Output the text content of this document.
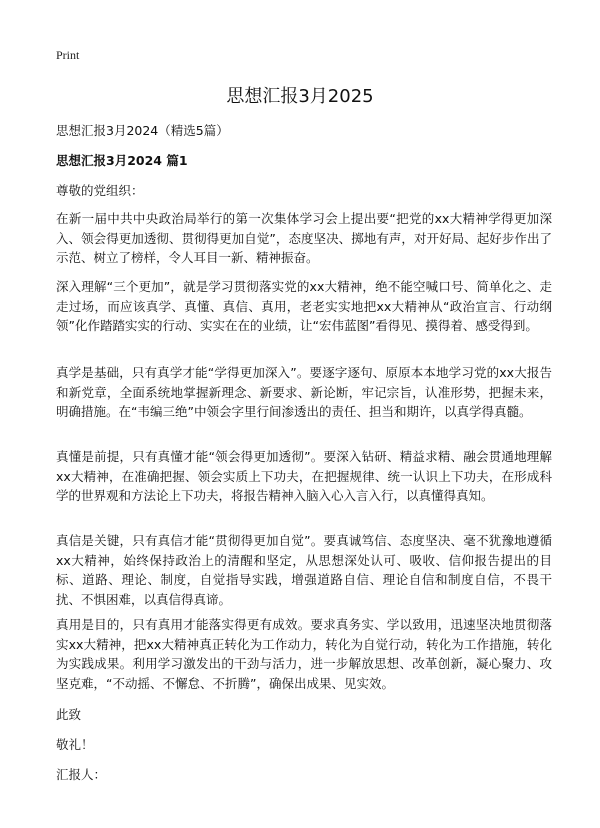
Print
思想汇报3月2025
思想汇报3月2024（精选5篇）
思想汇报3月2024 篇1
尊敬的党组织：

在新一届中共中央政治局举行的第一次集体学习会上提出要“把党的xx大精神学得更加深入、领会得更加透彻、贯彻得更加自觉”，态度坚决、掷地有声，对开好局、起好步作出了示范、树立了榜样，令人耳目一新、精神振奋。

深入理解“三个更加”，就是学习贯彻落实党的xx大精神，绝不能空喊口号、简单化之、走走过场，而应该真学、真懂、真信、真用，老老实实地把xx大精神从“政治宣言、行动纲领”化作踏踏实实的行动、实实在在的业绩，让“宏伟蓝图”看得见、摸得着、感受得到。

真学是基础，只有真学才能“学得更加深入”。要逐字逐句、原原本本地学习党的xx大报告和新党章，全面系统地掌握新理念、新要求、新论断，牢记宗旨，认准形势，把握未来，明确措施。在“韦编三绝”中领会字里行间渗透出的责任、担当和期许，以真学得真髓。

真懂是前提，只有真懂才能“领会得更加透彻”。要深入钻研、精益求精、融会贯通地理解xx大精神，在准确把握、领会实质上下功夫，在把握规律、统一认识上下功夫，在形成科学的世界观和方法论上下功夫，将报告精神入脑入心入言入行，以真懂得真知。

真信是关键，只有真信才能“贯彻得更加自觉”。要真诚笃信、态度坚决、毫不犹豫地遵循xx大精神，始终保持政治上的清醒和坚定，从思想深处认可、吸收、信仰报告提出的目标、道路、理论、制度，自觉指导实践，增强道路自信、理论自信和制度自信，不畏干扰、不惧困难，以真信得真谛。

真用是目的，只有真用才能落实得更有成效。要求真务实、学以致用，迅速坚决地贯彻落实xx大精神，把xx大精神真正转化为工作动力，转化为自觉行动，转化为工作措施，转化为实践成果。利用学习激发出的干劲与活力，进一步解放思想、改革创新，凝心聚力、攻坚克难，“不动摇、不懈怠、不折腾”，确保出成果、见实效。

此致
敬礼！
汇报人：
